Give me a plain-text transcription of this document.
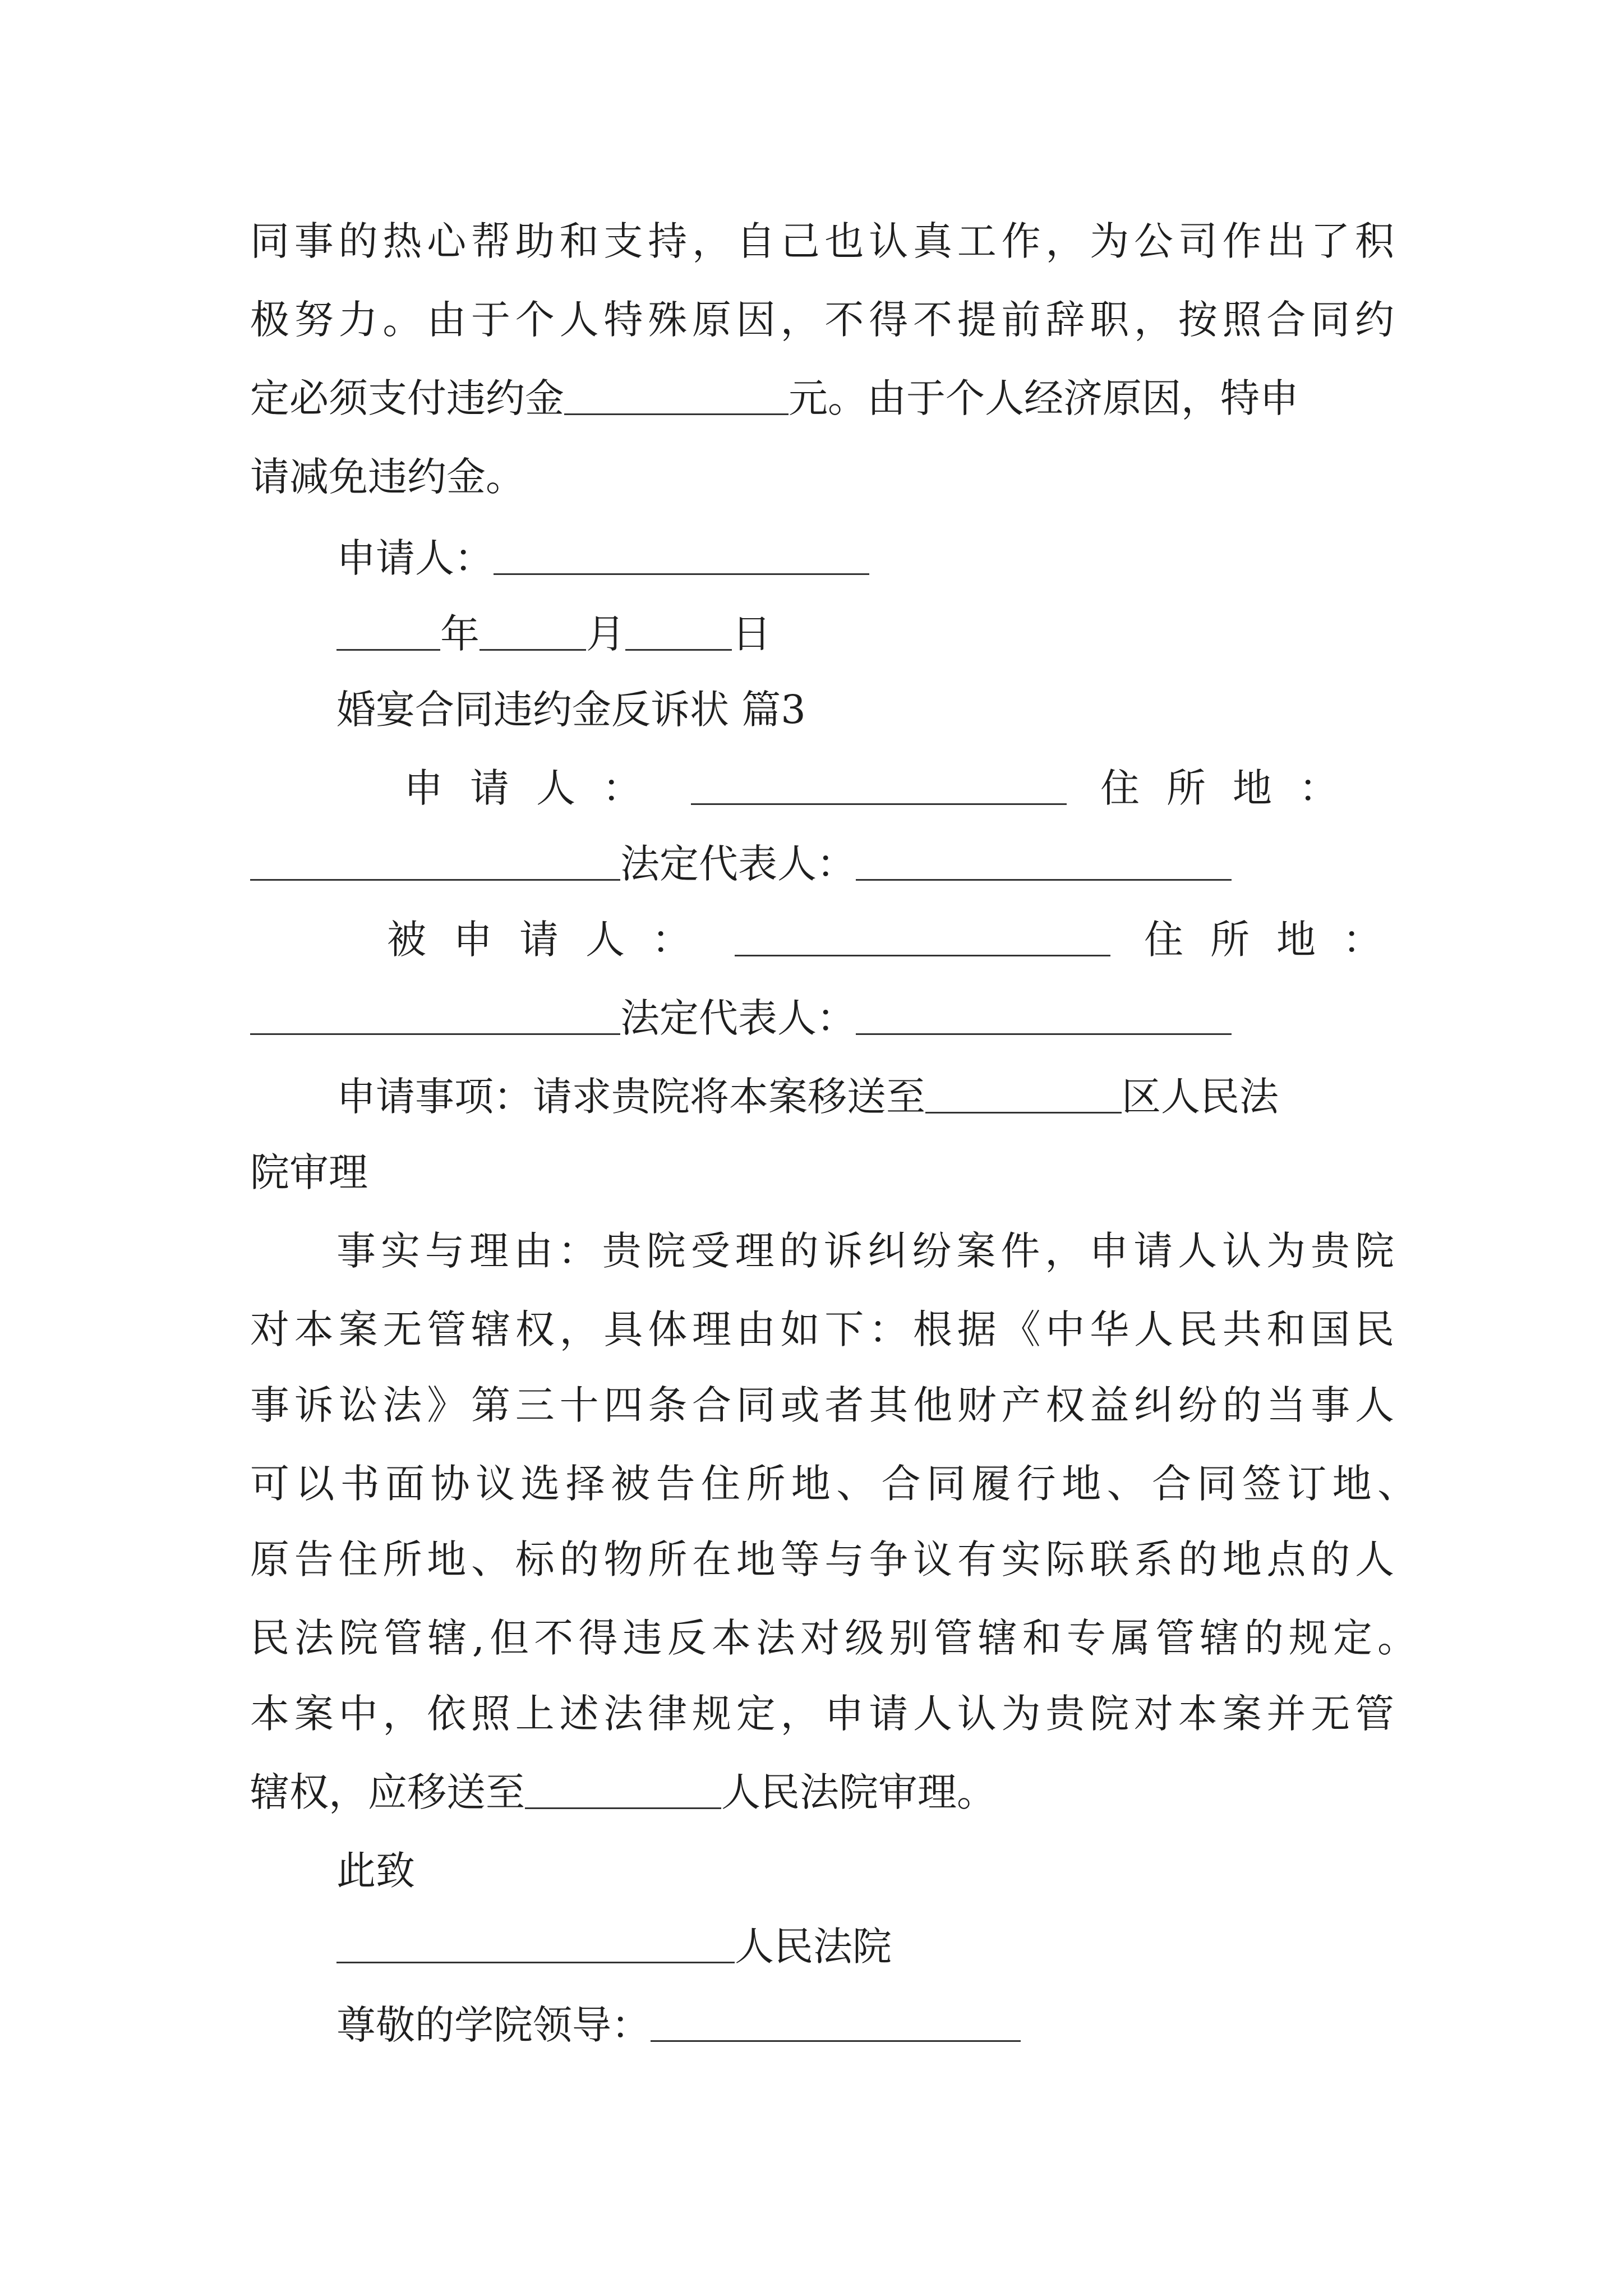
同事的热心帮助和支持，自己也认真工作，为公司作出了积
极努力。由于个人特殊原因，不得不提前辞职，按照合同约
定必须支付违约金	元。由于个人经济原因，特申
请减免违约金。
申请人：
年	月	日
婚宴合同违约金反诉状 篇3
申请人：	住所地：
法定代表人：
被申请人：	住所地：
法定代表人：
申请事项：请求贵院将本案移送至	区人民法
院审理
事实与理由：贵院受理的诉纠纷案件，申请人认为贵院
对本案无管辖权，具体理由如下：根据《中华人民共和国民
事诉讼法》第三十四条合同或者其他财产权益纠纷的当事人
可以书面协议选择被告住所地、合同履行地、合同签订地、
原告住所地、标的物所在地等与争议有实际联系的地点的人
民法院管辖,但不得违反本法对级别管辖和专属管辖的规定。
本案中，依照上述法律规定，申请人认为贵院对本案并无管
辖权，应移送至	人民法院审理。
此致
人民法院
尊敬的学院领导：
